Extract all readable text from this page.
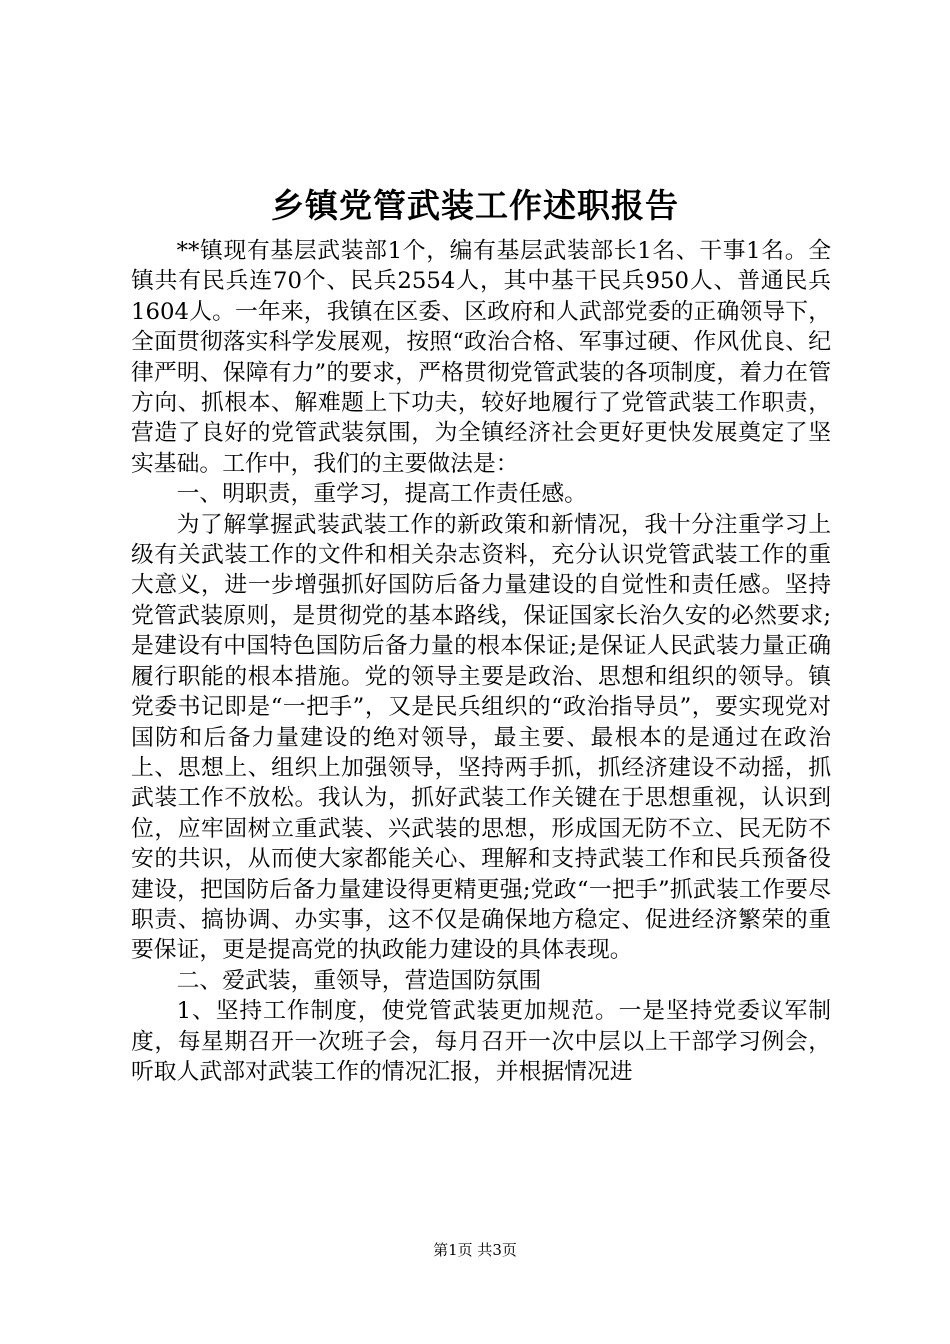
乡镇党管武装工作述职报告

**镇现有基层武装部1个，编有基层武装部长1名、干事1名。全镇共有民兵连70个、民兵2554人，其中基干民兵950人、普通民兵1604人。一年来，我镇在区委、区政府和人武部党委的正确领导下，全面贯彻落实科学发展观，按照“政治合格、军事过硬、作风优良、纪律严明、保障有力”的要求，严格贯彻党管武装的各项制度，着力在管方向、抓根本、解难题上下功夫，较好地履行了党管武装工作职责，营造了良好的党管武装氛围，为全镇经济社会更好更快发展奠定了坚实基础。工作中，我们的主要做法是：

一、明职责，重学习，提高工作责任感。

为了解掌握武装武装工作的新政策和新情况，我十分注重学习上级有关武装工作的文件和相关杂志资料，充分认识党管武装工作的重大意义，进一步增强抓好国防后备力量建设的自觉性和责任感。坚持党管武装原则，是贯彻党的基本路线，保证国家长治久安的必然要求;是建设有中国特色国防后备力量的根本保证;是保证人民武装力量正确履行职能的根本措施。党的领导主要是政治、思想和组织的领导。镇党委书记即是“一把手”，又是民兵组织的“政治指导员”，要实现党对国防和后备力量建设的绝对领导，最主要、最根本的是通过在政治上、思想上、组织上加强领导，坚持两手抓，抓经济建设不动摇，抓武装工作不放松。我认为，抓好武装工作关键在于思想重视，认识到位，应牢固树立重武装、兴武装的思想，形成国无防不立、民无防不安的共识，从而使大家都能关心、理解和支持武装工作和民兵预备役建设，把国防后备力量建设得更精更强;党政“一把手”抓武装工作要尽职责、搞协调、办实事，这不仅是确保地方稳定、促进经济繁荣的重要保证，更是提高党的执政能力建设的具体表现。

二、爱武装，重领导，营造国防氛围

1、坚持工作制度，使党管武装更加规范。一是坚持党委议军制度，每星期召开一次班子会，每月召开一次中层以上干部学习例会，听取人武部对武装工作的情况汇报，并根据情况进

第1页 共3页
